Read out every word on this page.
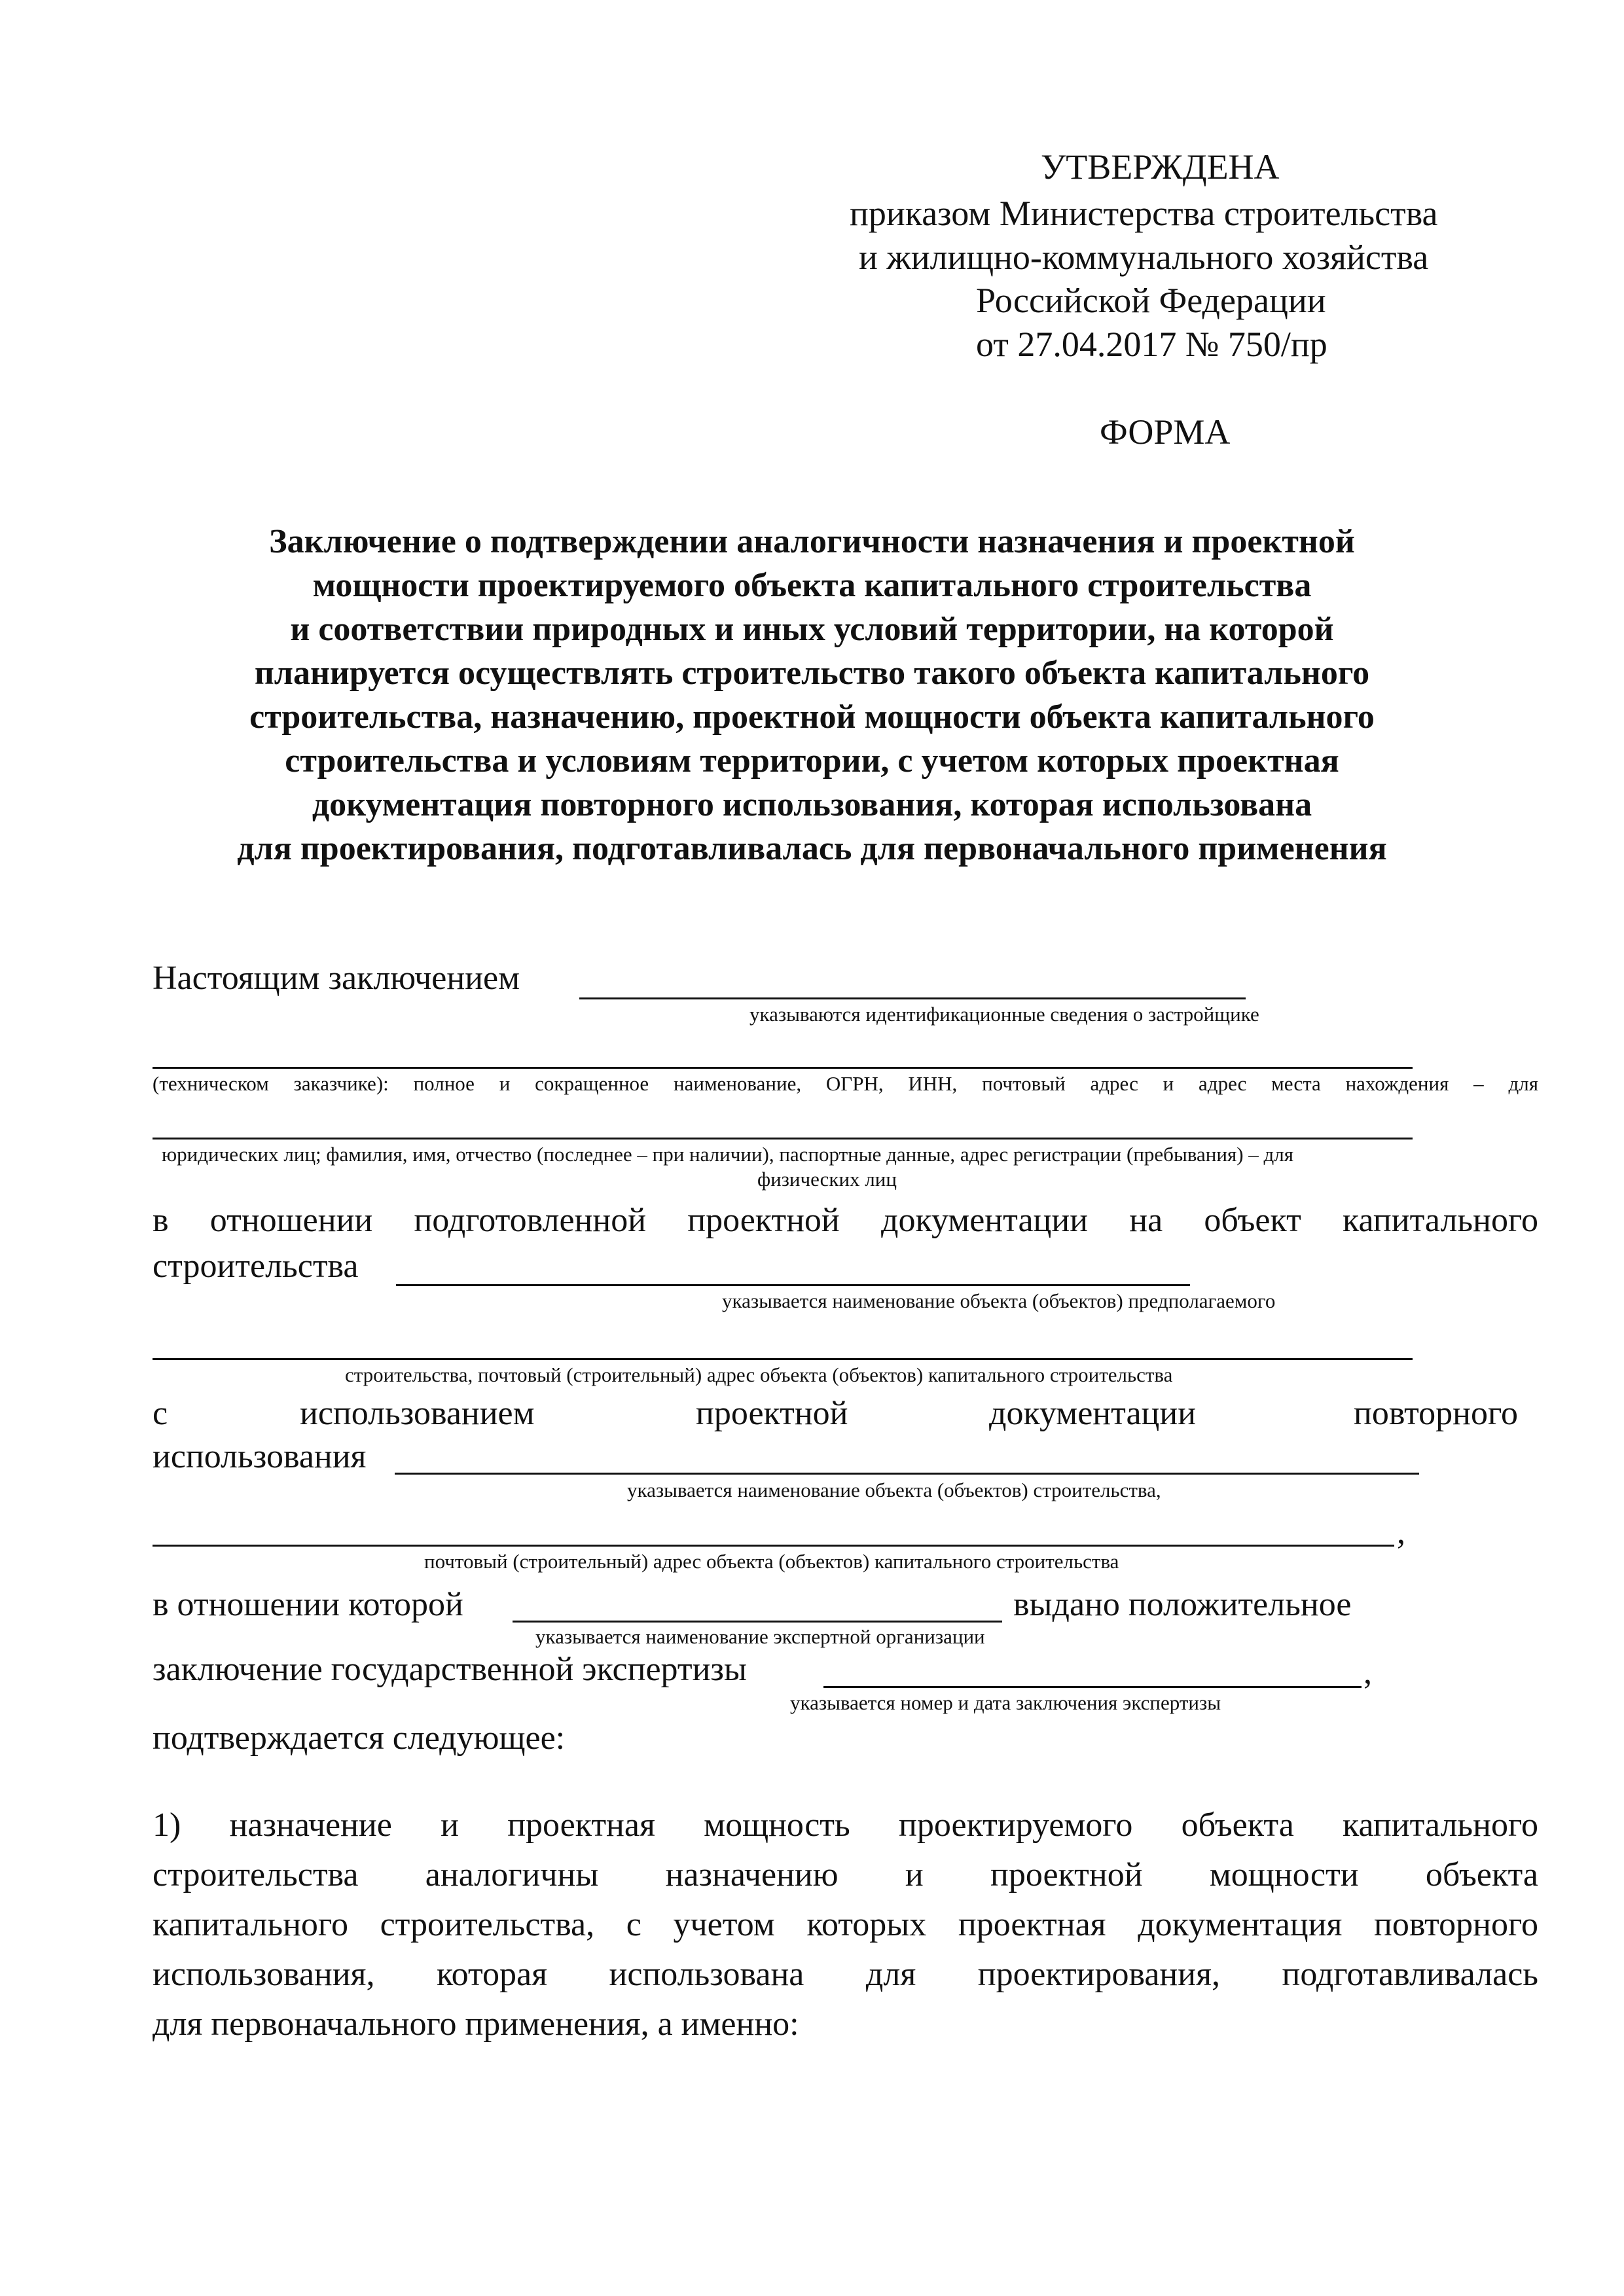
УТВЕРЖДЕНА
приказом Министерства строительства
и жилищно-коммунального хозяйства
Российской Федерации
от 27.04.2017 № 750/пр
ФОРМА
Заключение о подтверждении аналогичности назначения и проектной
мощности проектируемого объекта капитального строительства
и соответствии природных и иных условий территории, на которой
планируется осуществлять строительство такого объекта капитального
строительства, назначению, проектной мощности объекта капитального
строительства и условиям территории, с учетом которых проектная
документация повторного использования, которая использована
для проектирования, подготавливалась для первоначального применения
Настоящим заключением
указываются идентификационные сведения о застройщике
(техническом заказчике): полное и сокращенное наименование, ОГРН, ИНН, почтовый адрес и адрес места нахождения – для
юридических лиц; фамилия, имя, отчество (последнее – при наличии), паспортные данные, адрес регистрации (пребывания) – для
физических лиц
в отношении подготовленной проектной документации на объект капитального
строительства
указывается наименование объекта (объектов) предполагаемого
строительства, почтовый (строительный) адрес объекта (объектов) капитального строительства
с	использованием	проектной	документации	повторного
использования
указывается наименование объекта (объектов) строительства,
,
почтовый (строительный) адрес объекта (объектов) капитального строительства
в отношении которой	выдано положительное
указывается наименование экспертной организации
заключение государственной экспертизы	,
указывается номер и дата заключения экспертизы
подтверждается следующее:
1) назначение и проектная мощность проектируемого объекта капитального
строительства аналогичны назначению и проектной мощности объекта
капитального строительства, с учетом которых проектная документация повторного
использования, которая использована для проектирования, подготавливалась
для первоначального применения, а именно:
